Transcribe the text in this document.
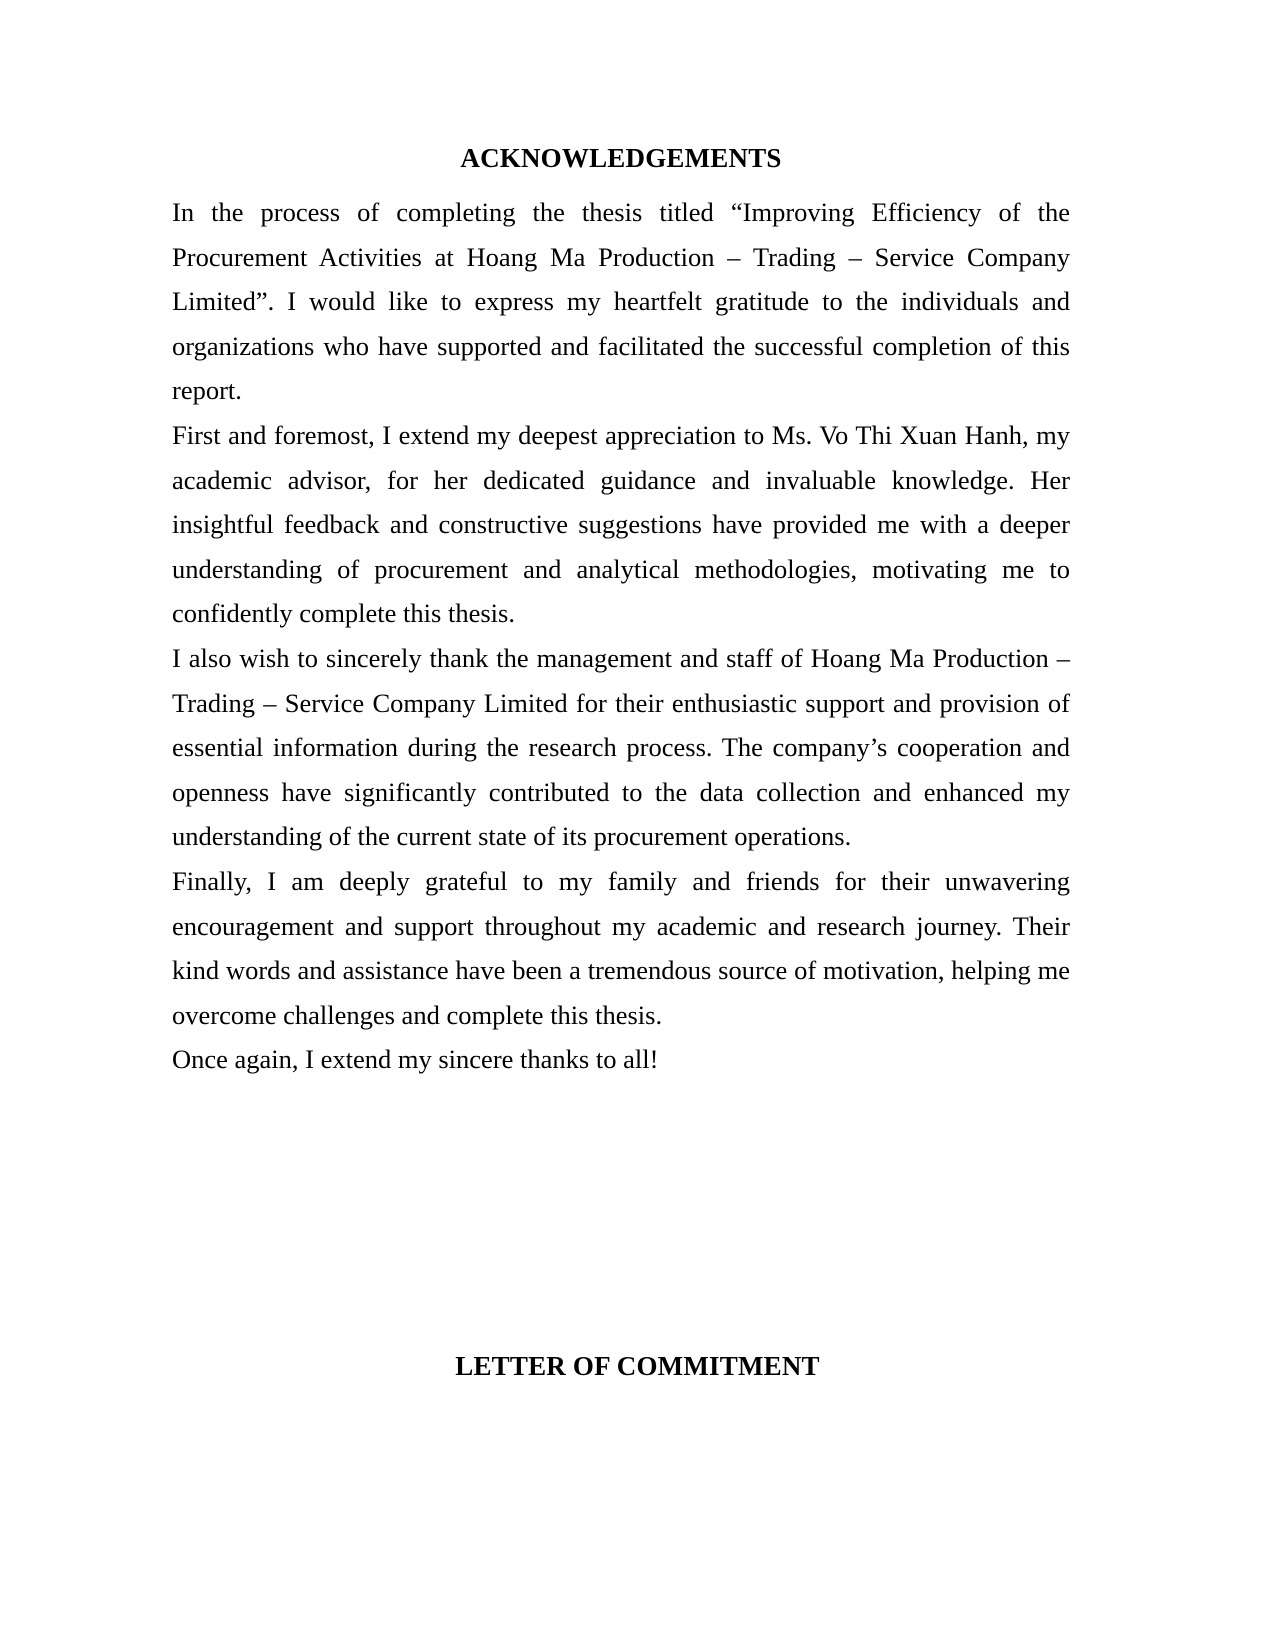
ACKNOWLEDGEMENTS

In the process of completing the thesis titled “Improving Efficiency of the Procurement Activities at Hoang Ma Production – Trading – Service Company Limited”. I would like to express my heartfelt gratitude to the individuals and organizations who have supported and facilitated the successful completion of this report.

First and foremost, I extend my deepest appreciation to Ms. Vo Thi Xuan Hanh, my academic advisor, for her dedicated guidance and invaluable knowledge. Her insightful feedback and constructive suggestions have provided me with a deeper understanding of procurement and analytical methodologies, motivating me to confidently complete this thesis.

I also wish to sincerely thank the management and staff of Hoang Ma Production – Trading – Service Company Limited for their enthusiastic support and provision of essential information during the research process. The company’s cooperation and openness have significantly contributed to the data collection and enhanced my understanding of the current state of its procurement operations.

Finally, I am deeply grateful to my family and friends for their unwavering encouragement and support throughout my academic and research journey. Their kind words and assistance have been a tremendous source of motivation, helping me overcome challenges and complete this thesis.

Once again, I extend my sincere thanks to all!

LETTER OF COMMITMENT
